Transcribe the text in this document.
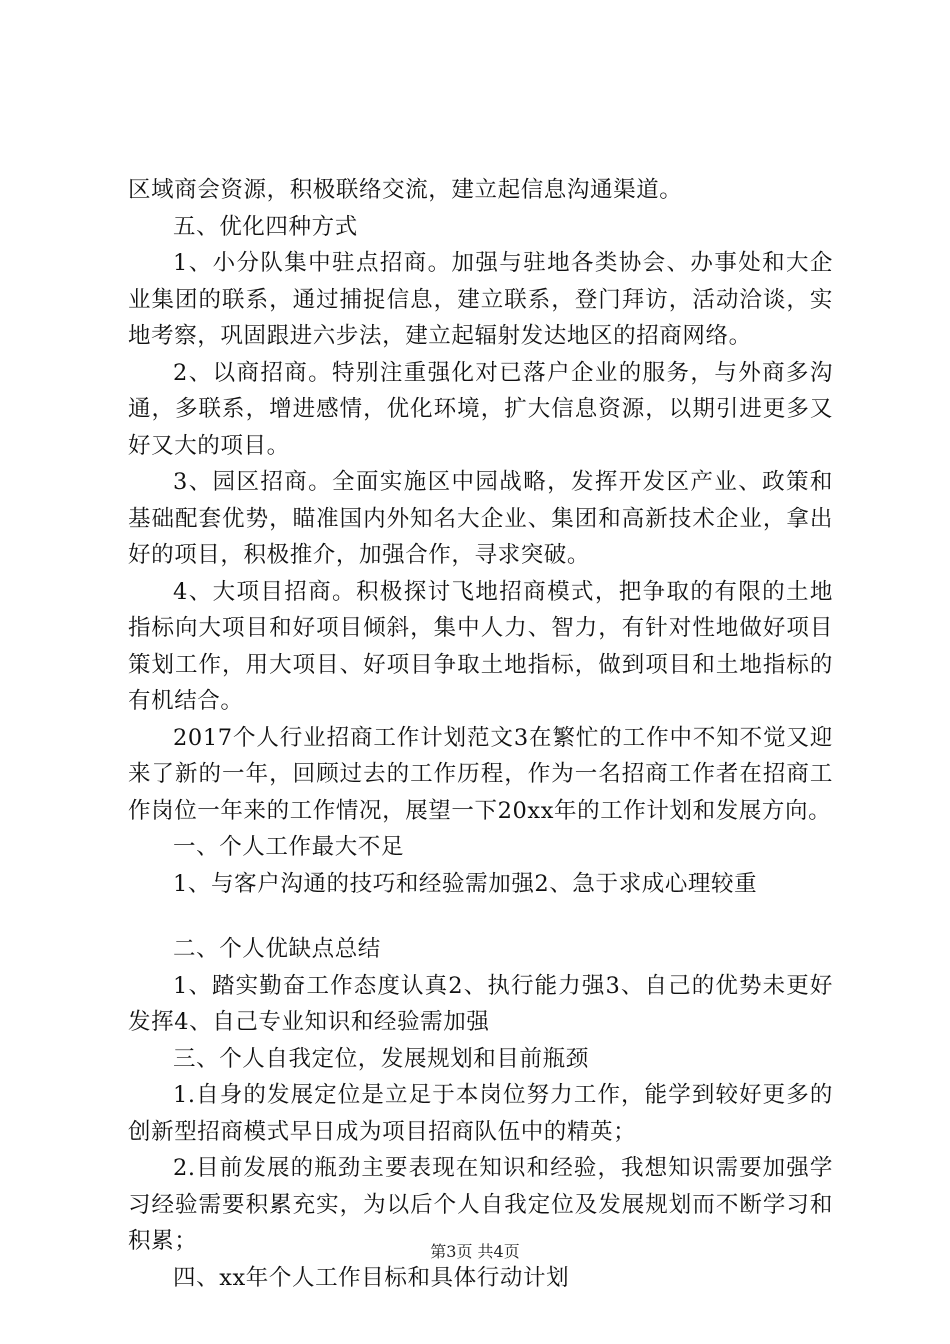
区域商会资源，积极联络交流，建立起信息沟通渠道。

五、优化四种方式

1、小分队集中驻点招商。加强与驻地各类协会、办事处和大企业集团的联系，通过捕捉信息，建立联系，登门拜访，活动洽谈，实地考察，巩固跟进六步法，建立起辐射发达地区的招商网络。

2、以商招商。特别注重强化对已落户企业的服务，与外商多沟通，多联系，增进感情，优化环境，扩大信息资源，以期引进更多又好又大的项目。

3、园区招商。全面实施区中园战略，发挥开发区产业、政策和基础配套优势，瞄准国内外知名大企业、集团和高新技术企业，拿出好的项目，积极推介，加强合作，寻求突破。

4、大项目招商。积极探讨飞地招商模式，把争取的有限的土地指标向大项目和好项目倾斜，集中人力、智力，有针对性地做好项目策划工作，用大项目、好项目争取土地指标，做到项目和土地指标的有机结合。

2017个人行业招商工作计划范文3在繁忙的工作中不知不觉又迎来了新的一年，回顾过去的工作历程，作为一名招商工作者在招商工作岗位一年来的工作情况，展望一下20xx年的工作计划和发展方向。

一、个人工作最大不足

1、与客户沟通的技巧和经验需加强2、急于求成心理较重

二、个人优缺点总结

1、踏实勤奋工作态度认真2、执行能力强3、自己的优势未更好发挥4、自己专业知识和经验需加强

三、个人自我定位，发展规划和目前瓶颈

1.自身的发展定位是立足于本岗位努力工作，能学到较好更多的创新型招商模式早日成为项目招商队伍中的精英；

2.目前发展的瓶劲主要表现在知识和经验，我想知识需要加强学习经验需要积累充实，为以后个人自我定位及发展规划而不断学习和积累；

四、xx年个人工作目标和具体行动计划

第3页 共4页
